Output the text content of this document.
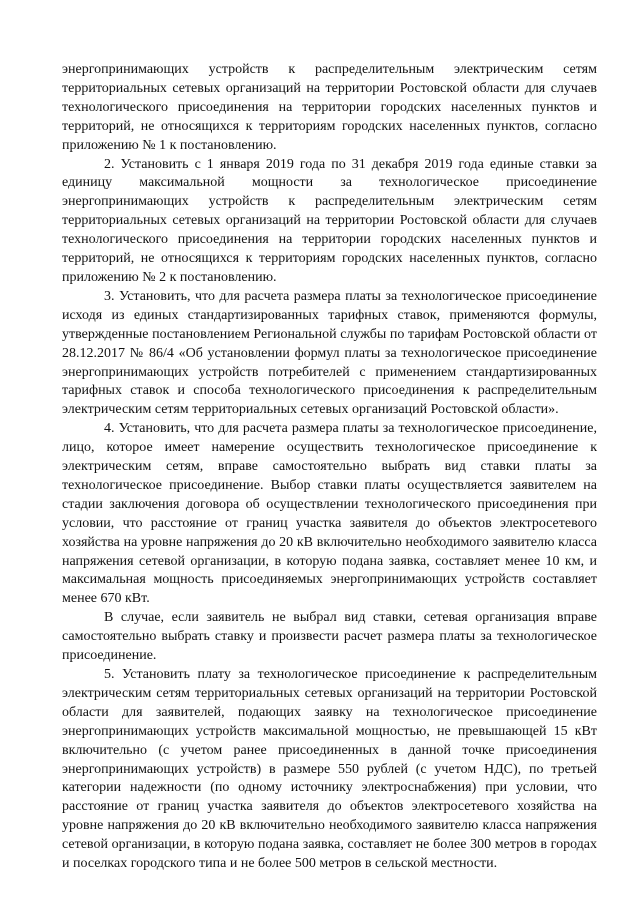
энергопринимающих устройств к распределительным электрическим сетям территориальных сетевых организаций на территории Ростовской области для случаев технологического присоединения на территории городских населенных пунктов и территорий, не относящихся к территориям городских населенных пунктов, согласно приложению № 1 к постановлению.

2. Установить с 1 января 2019 года по 31 декабря 2019 года единые ставки за единицу максимальной мощности за технологическое присоединение энергопринимающих устройств к распределительным электрическим сетям территориальных сетевых организаций на территории Ростовской области для случаев технологического присоединения на территории городских населенных пунктов и территорий, не относящихся к территориям городских населенных пунктов, согласно приложению № 2 к постановлению.

3. Установить, что для расчета размера платы за технологическое присоединение исходя из единых стандартизированных тарифных ставок, применяются формулы, утвержденные постановлением Региональной службы по тарифам Ростовской области от 28.12.2017 № 86/4 «Об установлении формул платы за технологическое присоединение энергопринимающих устройств потребителей с применением стандартизированных тарифных ставок и способа технологического присоединения к распределительным электрическим сетям территориальных сетевых организаций Ростовской области».

4. Установить, что для расчета размера платы за технологическое присоединение, лицо, которое имеет намерение осуществить технологическое присоединение к электрическим сетям, вправе самостоятельно выбрать вид ставки платы за технологическое присоединение. Выбор ставки платы осуществляется заявителем на стадии заключения договора об осуществлении технологического присоединения при условии, что расстояние от границ участка заявителя до объектов электросетевого хозяйства на уровне напряжения до 20 кВ включительно необходимого заявителю класса напряжения сетевой организации, в которую подана заявка, составляет менее 10 км, и максимальная мощность присоединяемых энергопринимающих устройств составляет менее 670 кВт.

В случае, если заявитель не выбрал вид ставки, сетевая организация вправе самостоятельно выбрать ставку и произвести расчет размера платы за технологическое присоединение.

5. Установить плату за технологическое присоединение к распределительным электрическим сетям территориальных сетевых организаций на территории Ростовской области для заявителей, подающих заявку на технологическое присоединение энергопринимающих устройств максимальной мощностью, не превышающей 15 кВт включительно (с учетом ранее присоединенных в данной точке присоединения энергопринимающих устройств) в размере 550 рублей (с учетом НДС), по третьей категории надежности (по одному источнику электроснабжения) при условии, что расстояние от границ участка заявителя до объектов электросетевого хозяйства на уровне напряжения до 20 кВ включительно необходимого заявителю класса напряжения сетевой организации, в которую подана заявка, составляет не более 300 метров в городах и поселках городского типа и не более 500 метров в сельской местности.
